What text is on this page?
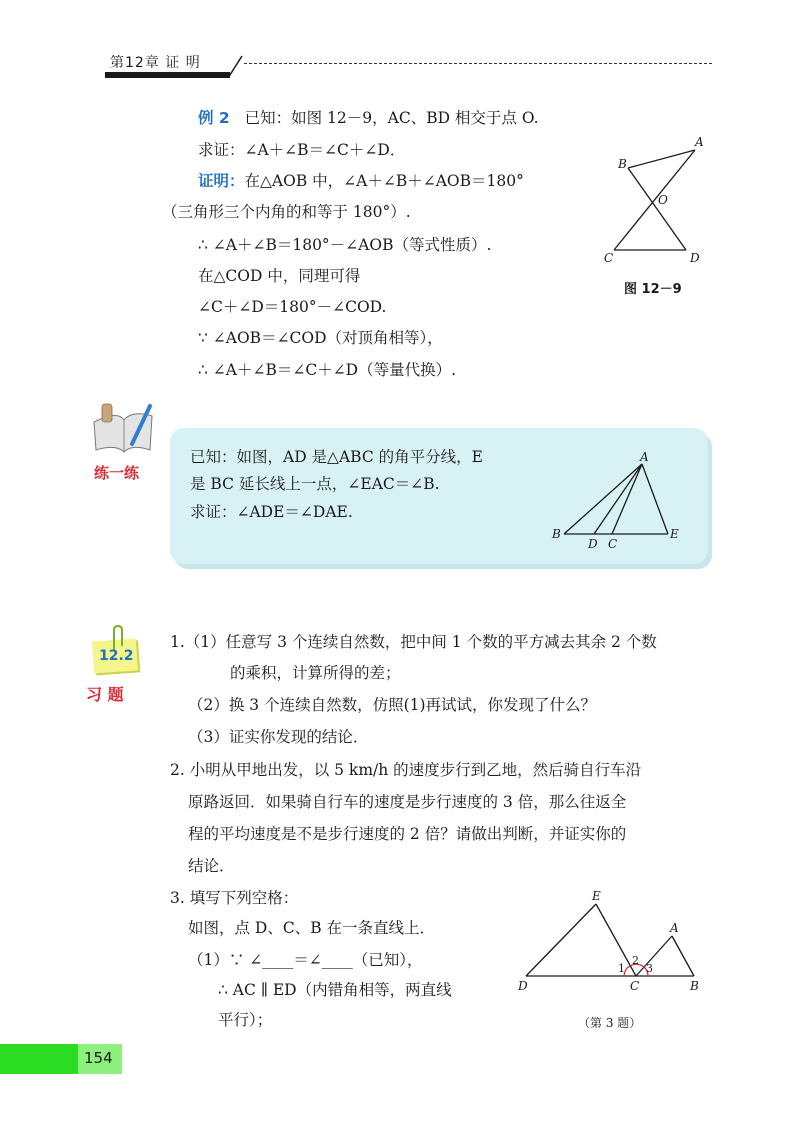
第12章 证 明
例 2 已知：如图 12－9，AC、BD 相交于点 O.
求证：∠A＋∠B＝∠C＋∠D．
证明：在△AOB 中，∠A＋∠B＋∠AOB＝180°
（三角形三个内角的和等于 180°）.
∴ ∠A＋∠B＝180°－∠AOB（等式性质）.
在△COD 中，同理可得
∠C＋∠D＝180°－∠COD.
∵ ∠AOB＝∠COD（对顶角相等），
∴ ∠A＋∠B＝∠C＋∠D（等量代换）.
A
B
O
C	D
图 12－9
练一练
已知：如图，AD 是△ABC 的角平分线，E
是 BC 延长线上一点，∠EAC＝∠B.
求证：∠ADE＝∠DAE.
A
B
D C
E
12.2
习 题
1.（1）任意写 3 个连续自然数，把中间 1 个数的平方减去其余 2 个数
的乘积，计算所得的差；
（2）换 3 个连续自然数，仿照(1)再试试，你发现了什么？
（3）证实你发现的结论．
2. 小明从甲地出发，以 5 km/h 的速度步行到乙地，然后骑自行车沿
原路返回．如果骑自行车的速度是步行速度的 3 倍，那么往返全
程的平均速度是不是步行速度的 2 倍？请做出判断，并证实你的
结论．
3. 填写下列空格：
如图，点 D、C、B 在一条直线上．
（1）∵ ∠____＝∠____（已知），
∴ AC ∥ ED（内错角相等，两直线
平行）；
E
A
1
2
3
D	C	B
（第 3 题）
154
